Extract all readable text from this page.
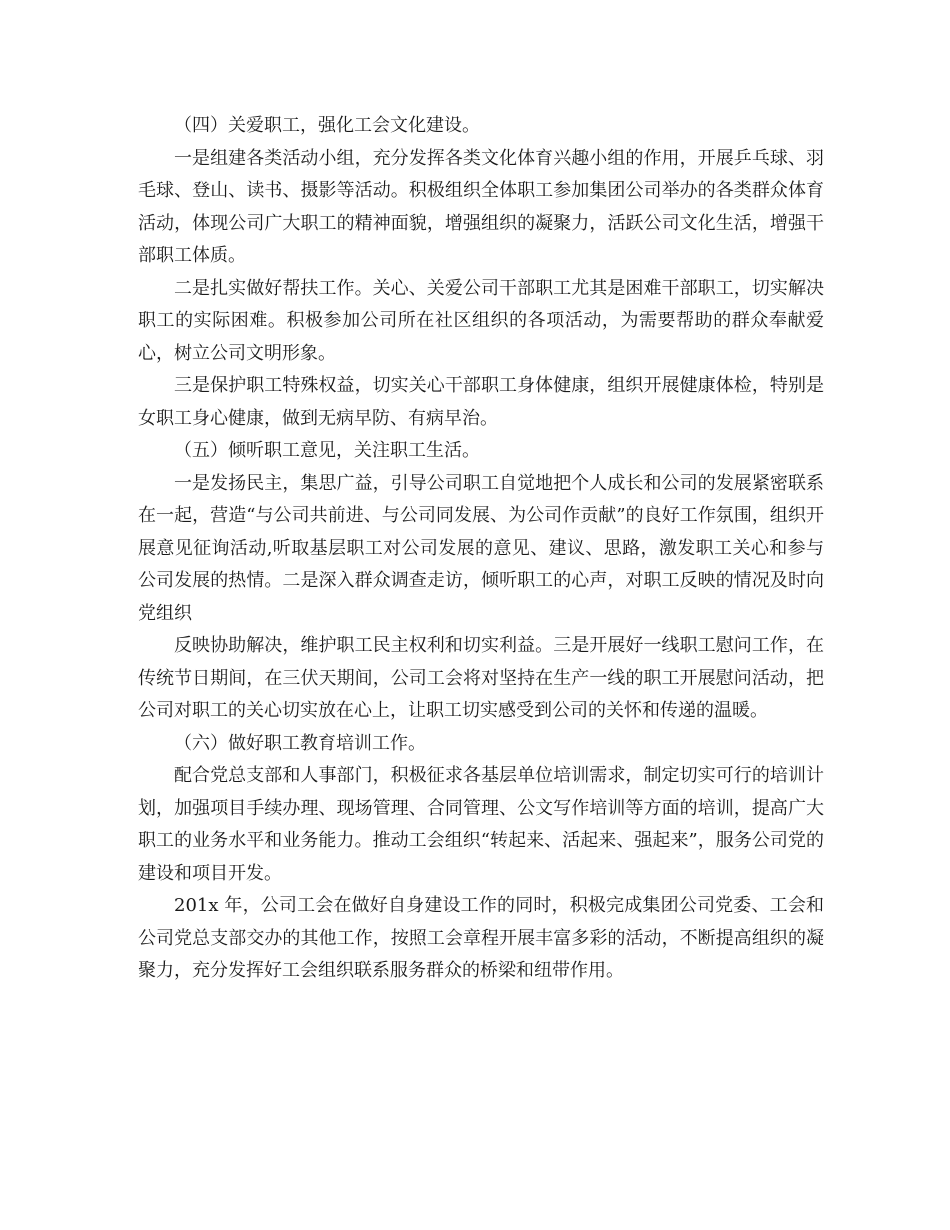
（四）关爱职工，强化工会文化建设。

一是组建各类活动小组，充分发挥各类文化体育兴趣小组的作用，开展乒乓球、羽毛球、登山、读书、摄影等活动。积极组织全体职工参加集团公司举办的各类群众体育活动，体现公司广大职工的精神面貌，增强组织的凝聚力，活跃公司文化生活，增强干部职工体质。

二是扎实做好帮扶工作。关心、关爱公司干部职工尤其是困难干部职工，切实解决职工的实际困难。积极参加公司所在社区组织的各项活动，为需要帮助的群众奉献爱心，树立公司文明形象。

三是保护职工特殊权益，切实关心干部职工身体健康，组织开展健康体检，特别是女职工身心健康，做到无病早防、有病早治。

（五）倾听职工意见，关注职工生活。

一是发扬民主，集思广益，引导公司职工自觉地把个人成长和公司的发展紧密联系在一起，营造“与公司共前进、与公司同发展、为公司作贡献”的良好工作氛围，组织开展意见征询活动,听取基层职工对公司发展的意见、建议、思路，激发职工关心和参与公司发展的热情。二是深入群众调查走访，倾听职工的心声，对职工反映的情况及时向党组织

反映协助解决，维护职工民主权利和切实利益。三是开展好一线职工慰问工作，在传统节日期间，在三伏天期间，公司工会将对坚持在生产一线的职工开展慰问活动，把公司对职工的关心切实放在心上，让职工切实感受到公司的关怀和传递的温暖。

（六）做好职工教育培训工作。

配合党总支部和人事部门，积极征求各基层单位培训需求，制定切实可行的培训计划，加强项目手续办理、现场管理、合同管理、公文写作培训等方面的培训，提高广大职工的业务水平和业务能力。推动工会组织“转起来、活起来、强起来”，服务公司党的建设和项目开发。

201x 年，公司工会在做好自身建设工作的同时，积极完成集团公司党委、工会和公司党总支部交办的其他工作，按照工会章程开展丰富多彩的活动，不断提高组织的凝聚力，充分发挥好工会组织联系服务群众的桥梁和纽带作用。
